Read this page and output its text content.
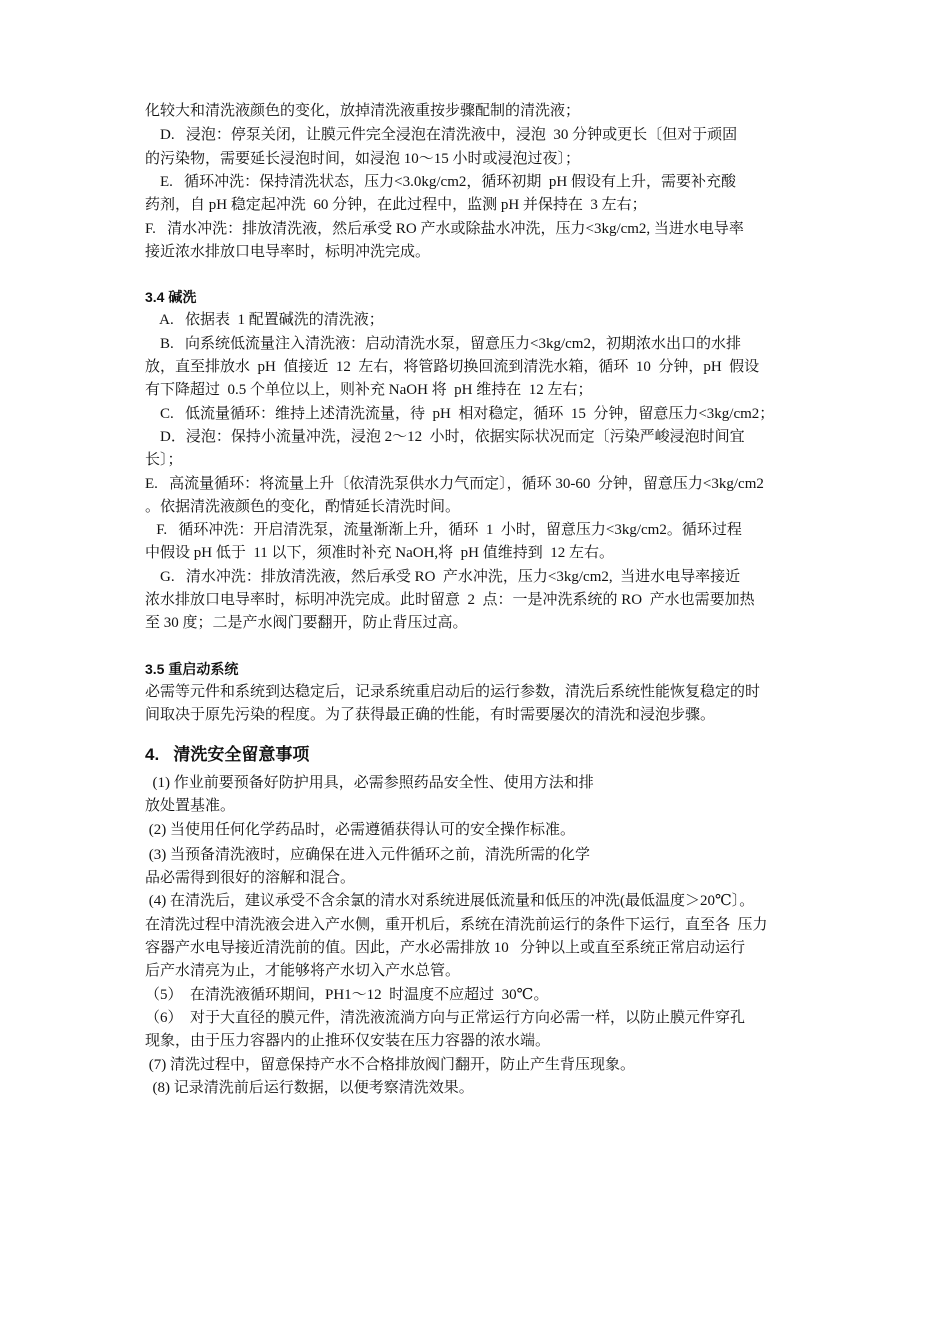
化较大和清洗液颜色的变化，放掉清洗液重按步骤配制的清洗液；
D.   浸泡：停泵关闭，让膜元件完全浸泡在清洗液中，浸泡  30 分钟或更长〔但对于顽固
的污染物，需要延长浸泡时间，如浸泡 10～15 小时或浸泡过夜〕；
E.   循环冲洗：保持清洗状态，压力<3.0kg/cm2，循环初期  pH 假设有上升，需要补充酸
药剂，自 pH 稳定起冲洗  60 分钟，在此过程中，监测 pH 并保持在  3 左右；
F.   清水冲洗：排放清洗液，然后承受 RO 产水或除盐水冲洗，压力<3kg/cm2, 当进水电导率
接近浓水排放口电导率时，标明冲洗完成。
3.4 碱洗
A.   依据表  1 配置碱洗的清洗液；
B.   向系统低流量注入清洗液：启动清洗水泵，留意压力<3kg/cm2，初期浓水出口的水排
放，直至排放水  pH  值接近  12  左右，将管路切换回流到清洗水箱，循环  10  分钟，pH  假设
有下降超过  0.5 个单位以上，则补充 NaOH 将  pH 维持在  12 左右；
C.   低流量循环：维持上述清洗流量，待  pH  相对稳定，循环  15  分钟，留意压力<3kg/cm2；
D．浸泡：保持小流量冲洗，浸泡 2～12  小时，依据实际状况而定〔污染严峻浸泡时间宜
长〕；
E.   高流量循环：将流量上升〔依清洗泵供水力气而定〕，循环 30-60  分钟，留意压力<3kg/cm2
。依据清洗液颜色的变化，酌情延长清洗时间。
F.   循环冲洗：开启清洗泵，流量渐渐上升，循环  1  小时，留意压力<3kg/cm2。循环过程
中假设 pH 低于  11 以下，须准时补充 NaOH,将  pH 值维持到  12 左右。
G.   清水冲洗：排放清洗液，然后承受 RO  产水冲洗，压力<3kg/cm2,  当进水电导率接近
浓水排放口电导率时，标明冲洗完成。此时留意  2  点：一是冲洗系统的 RO  产水也需要加热
至 30 度；二是产水阀门要翻开，防止背压过高。
3.5 重启动系统
必需等元件和系统到达稳定后，记录系统重启动后的运行参数，清洗后系统性能恢复稳定的时
间取决于原先污染的程度。为了获得最正确的性能，有时需要屡次的清洗和浸泡步骤。
4.   清洗安全留意事项
(1) 作业前要预备好防护用具，必需参照药品安全性、使用方法和排
放处置基准。
(2) 当使用任何化学药品时，必需遵循获得认可的安全操作标准。
(3) 当预备清洗液时，应确保在进入元件循环之前，清洗所需的化学
品必需得到很好的溶解和混合。
(4) 在清洗后，建议承受不含余氯的清水对系统进展低流量和低压的冲洗(最低温度＞20℃〕。
在清洗过程中清洗液会进入产水侧，重开机后，系统在清洗前运行的条件下运行，直至各  压力
容器产水电导接近清洗前的值。因此，产水必需排放 10   分钟以上或直至系统正常启动运行
后产水清亮为止，才能够将产水切入产水总管。
（5）  在清洗液循环期间，PH1～12  时温度不应超过  30℃。
（6）  对于大直径的膜元件，清洗液流淌方向与正常运行方向必需一样，以防止膜元件穿孔
现象，由于压力容器内的止推环仅安装在压力容器的浓水端。
(7) 清洗过程中，留意保持产水不合格排放阀门翻开，防止产生背压现象。
(8) 记录清洗前后运行数据，以便考察清洗效果。
